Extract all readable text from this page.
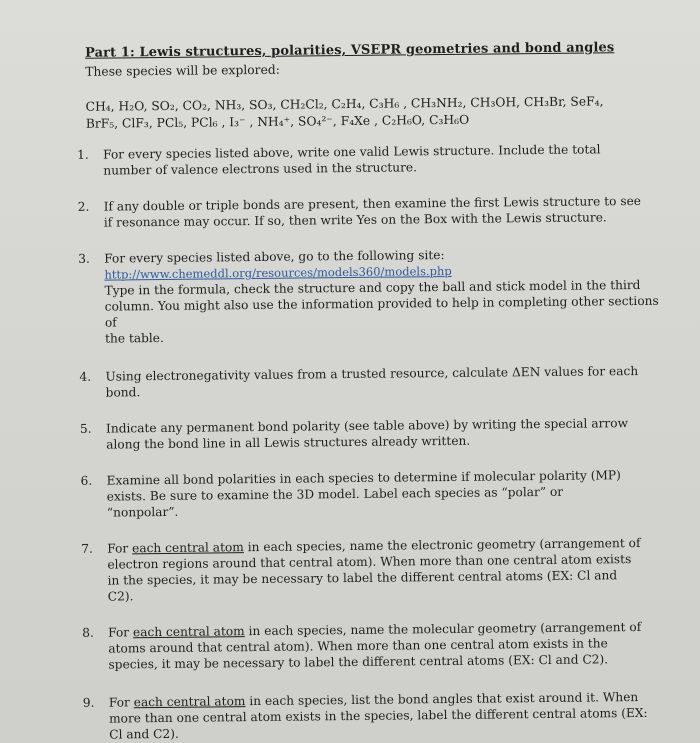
Part 1: Lewis structures, polarities, VSEPR geometries and bond angles
These species will be explored:
CH₄, H₂O, SO₂, CO₂, NH₃, SO₃, CH₂Cl₂, C₂H₄, C₃H₆ , CH₃NH₂, CH₃OH, CH₃Br, SeF₄,
BrF₅, ClF₃, PCl₅, PCl₆ , I₃⁻ , NH₄⁺, SO₄²⁻, F₄Xe , C₂H₆O, C₃H₆O
1. For every species listed above, write one valid Lewis structure. Include the total
number of valence electrons used in the structure.
2. If any double or triple bonds are present, then examine the first Lewis structure to see
if resonance may occur. If so, then write Yes on the Box with the Lewis structure.
3. For every species listed above, go to the following site:
http://www.chemeddl.org/resources/models360/models.php
Type in the formula, check the structure and copy the ball and stick model in the third
column. You might also use the information provided to help in completing other sections of
the table.
4. Using electronegativity values from a trusted resource, calculate ΔEN values for each
bond.
5. Indicate any permanent bond polarity (see table above) by writing the special arrow
along the bond line in all Lewis structures already written.
6. Examine all bond polarities in each species to determine if molecular polarity (MP)
exists. Be sure to examine the 3D model. Label each species as “polar” or
“nonpolar”.
7. For each central atom in each species, name the electronic geometry (arrangement of
electron regions around that central atom). When more than one central atom exists
in the species, it may be necessary to label the different central atoms (EX: Cl and
C2).
8. For each central atom in each species, name the molecular geometry (arrangement of
atoms around that central atom). When more than one central atom exists in the
species, it may be necessary to label the different central atoms (EX: Cl and C2).
9. For each central atom in each species, list the bond angles that exist around it. When
more than one central atom exists in the species, label the different central atoms (EX:
Cl and C2).
